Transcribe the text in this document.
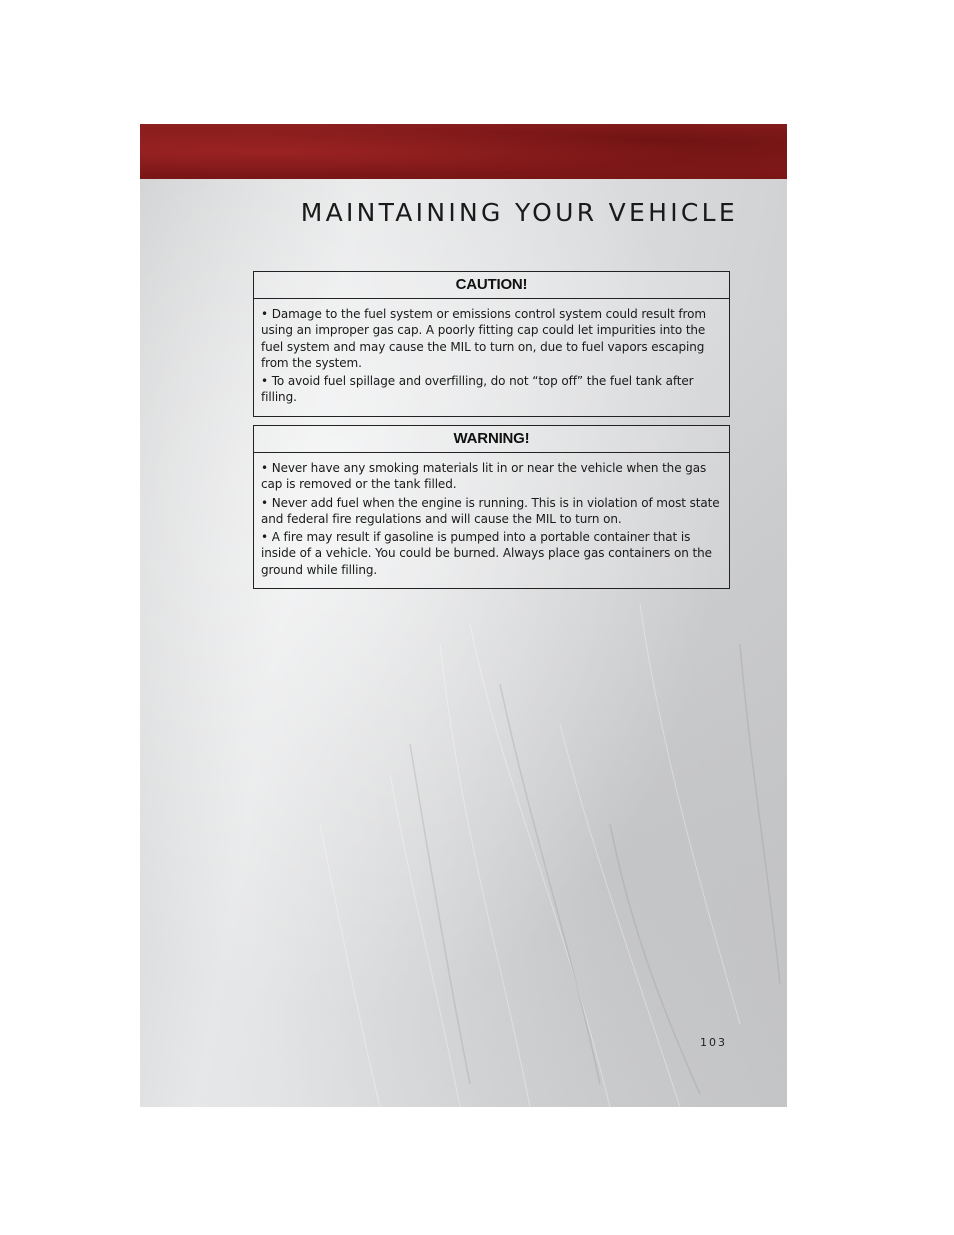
MAINTAINING YOUR VEHICLE
CAUTION!

• Damage to the fuel system or emissions control system could result from using an improper gas cap. A poorly fitting cap could let impurities into the fuel system and may cause the MIL to turn on, due to fuel vapors escaping from the system.

• To avoid fuel spillage and overfilling, do not “top off” the fuel tank after filling.

WARNING!

• Never have any smoking materials lit in or near the vehicle when the gas cap is removed or the tank filled.

• Never add fuel when the engine is running. This is in violation of most state and federal fire regulations and will cause the MIL to turn on.

• A fire may result if gasoline is pumped into a portable container that is inside of a vehicle. You could be burned. Always place gas containers on the ground while filling.

103
